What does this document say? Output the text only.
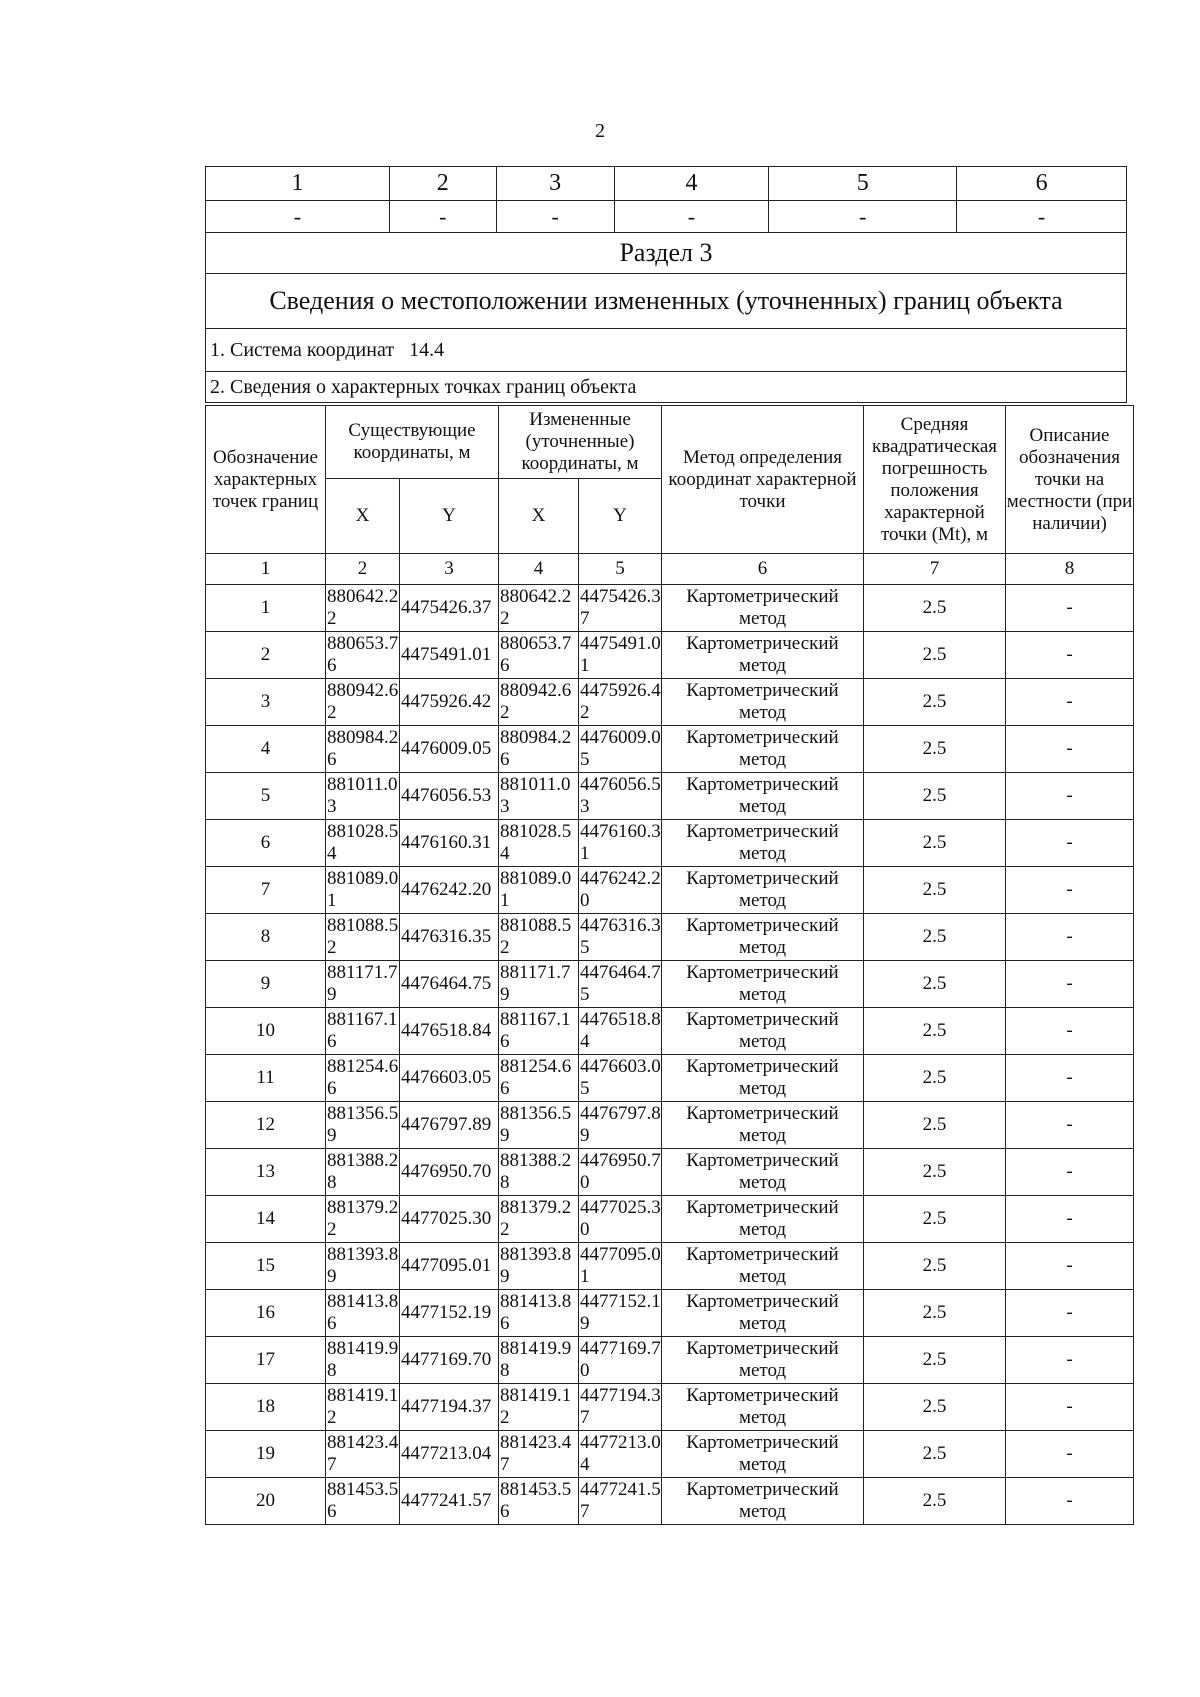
2
1	2	3	4	5	6
-	-	-	-	-	-
Раздел 3					
Сведения о местоположении измененных (уточненных) границ объекта					
1. Система координат 14.4					
2. Сведения о характерных точках границ объекта					
Обозначение характерных точек границ	Существующие координаты, м		Измененные (уточненные) координаты, м		Метод определения координат характерной точки	Средняя квадратическая погрешность положения характерной точки (Mt), м	Описание обозначения точки на местности (при наличии)
	X	Y	X	Y			
1	2	3	4	5	6	7	8
1	880642.22	4475426.37	880642.22	4475426.37	Картометрический метод	2.5	-
2	880653.76	4475491.01	880653.76	4475491.01	Картометрический метод	2.5	-
3	880942.62	4475926.42	880942.62	4475926.42	Картометрический метод	2.5	-
4	880984.26	4476009.05	880984.26	4476009.05	Картометрический метод	2.5	-
5	881011.03	4476056.53	881011.03	4476056.53	Картометрический метод	2.5	-
6	881028.54	4476160.31	881028.54	4476160.31	Картометрический метод	2.5	-
7	881089.01	4476242.20	881089.01	4476242.20	Картометрический метод	2.5	-
8	881088.52	4476316.35	881088.52	4476316.35	Картометрический метод	2.5	-
9	881171.79	4476464.75	881171.79	4476464.75	Картометрический метод	2.5	-
10	881167.16	4476518.84	881167.16	4476518.84	Картометрический метод	2.5	-
11	881254.66	4476603.05	881254.66	4476603.05	Картометрический метод	2.5	-
12	881356.59	4476797.89	881356.59	4476797.89	Картометрический метод	2.5	-
13	881388.28	4476950.70	881388.28	4476950.70	Картометрический метод	2.5	-
14	881379.22	4477025.30	881379.22	4477025.30	Картометрический метод	2.5	-
15	881393.89	4477095.01	881393.89	4477095.01	Картометрический метод	2.5	-
16	881413.86	4477152.19	881413.86	4477152.19	Картометрический метод	2.5	-
17	881419.98	4477169.70	881419.98	4477169.70	Картометрический метод	2.5	-
18	881419.12	4477194.37	881419.12	4477194.37	Картометрический метод	2.5	-
19	881423.47	4477213.04	881423.47	4477213.04	Картометрический метод	2.5	-
20	881453.56	4477241.57	881453.56	4477241.57	Картометрический метод	2.5	-
